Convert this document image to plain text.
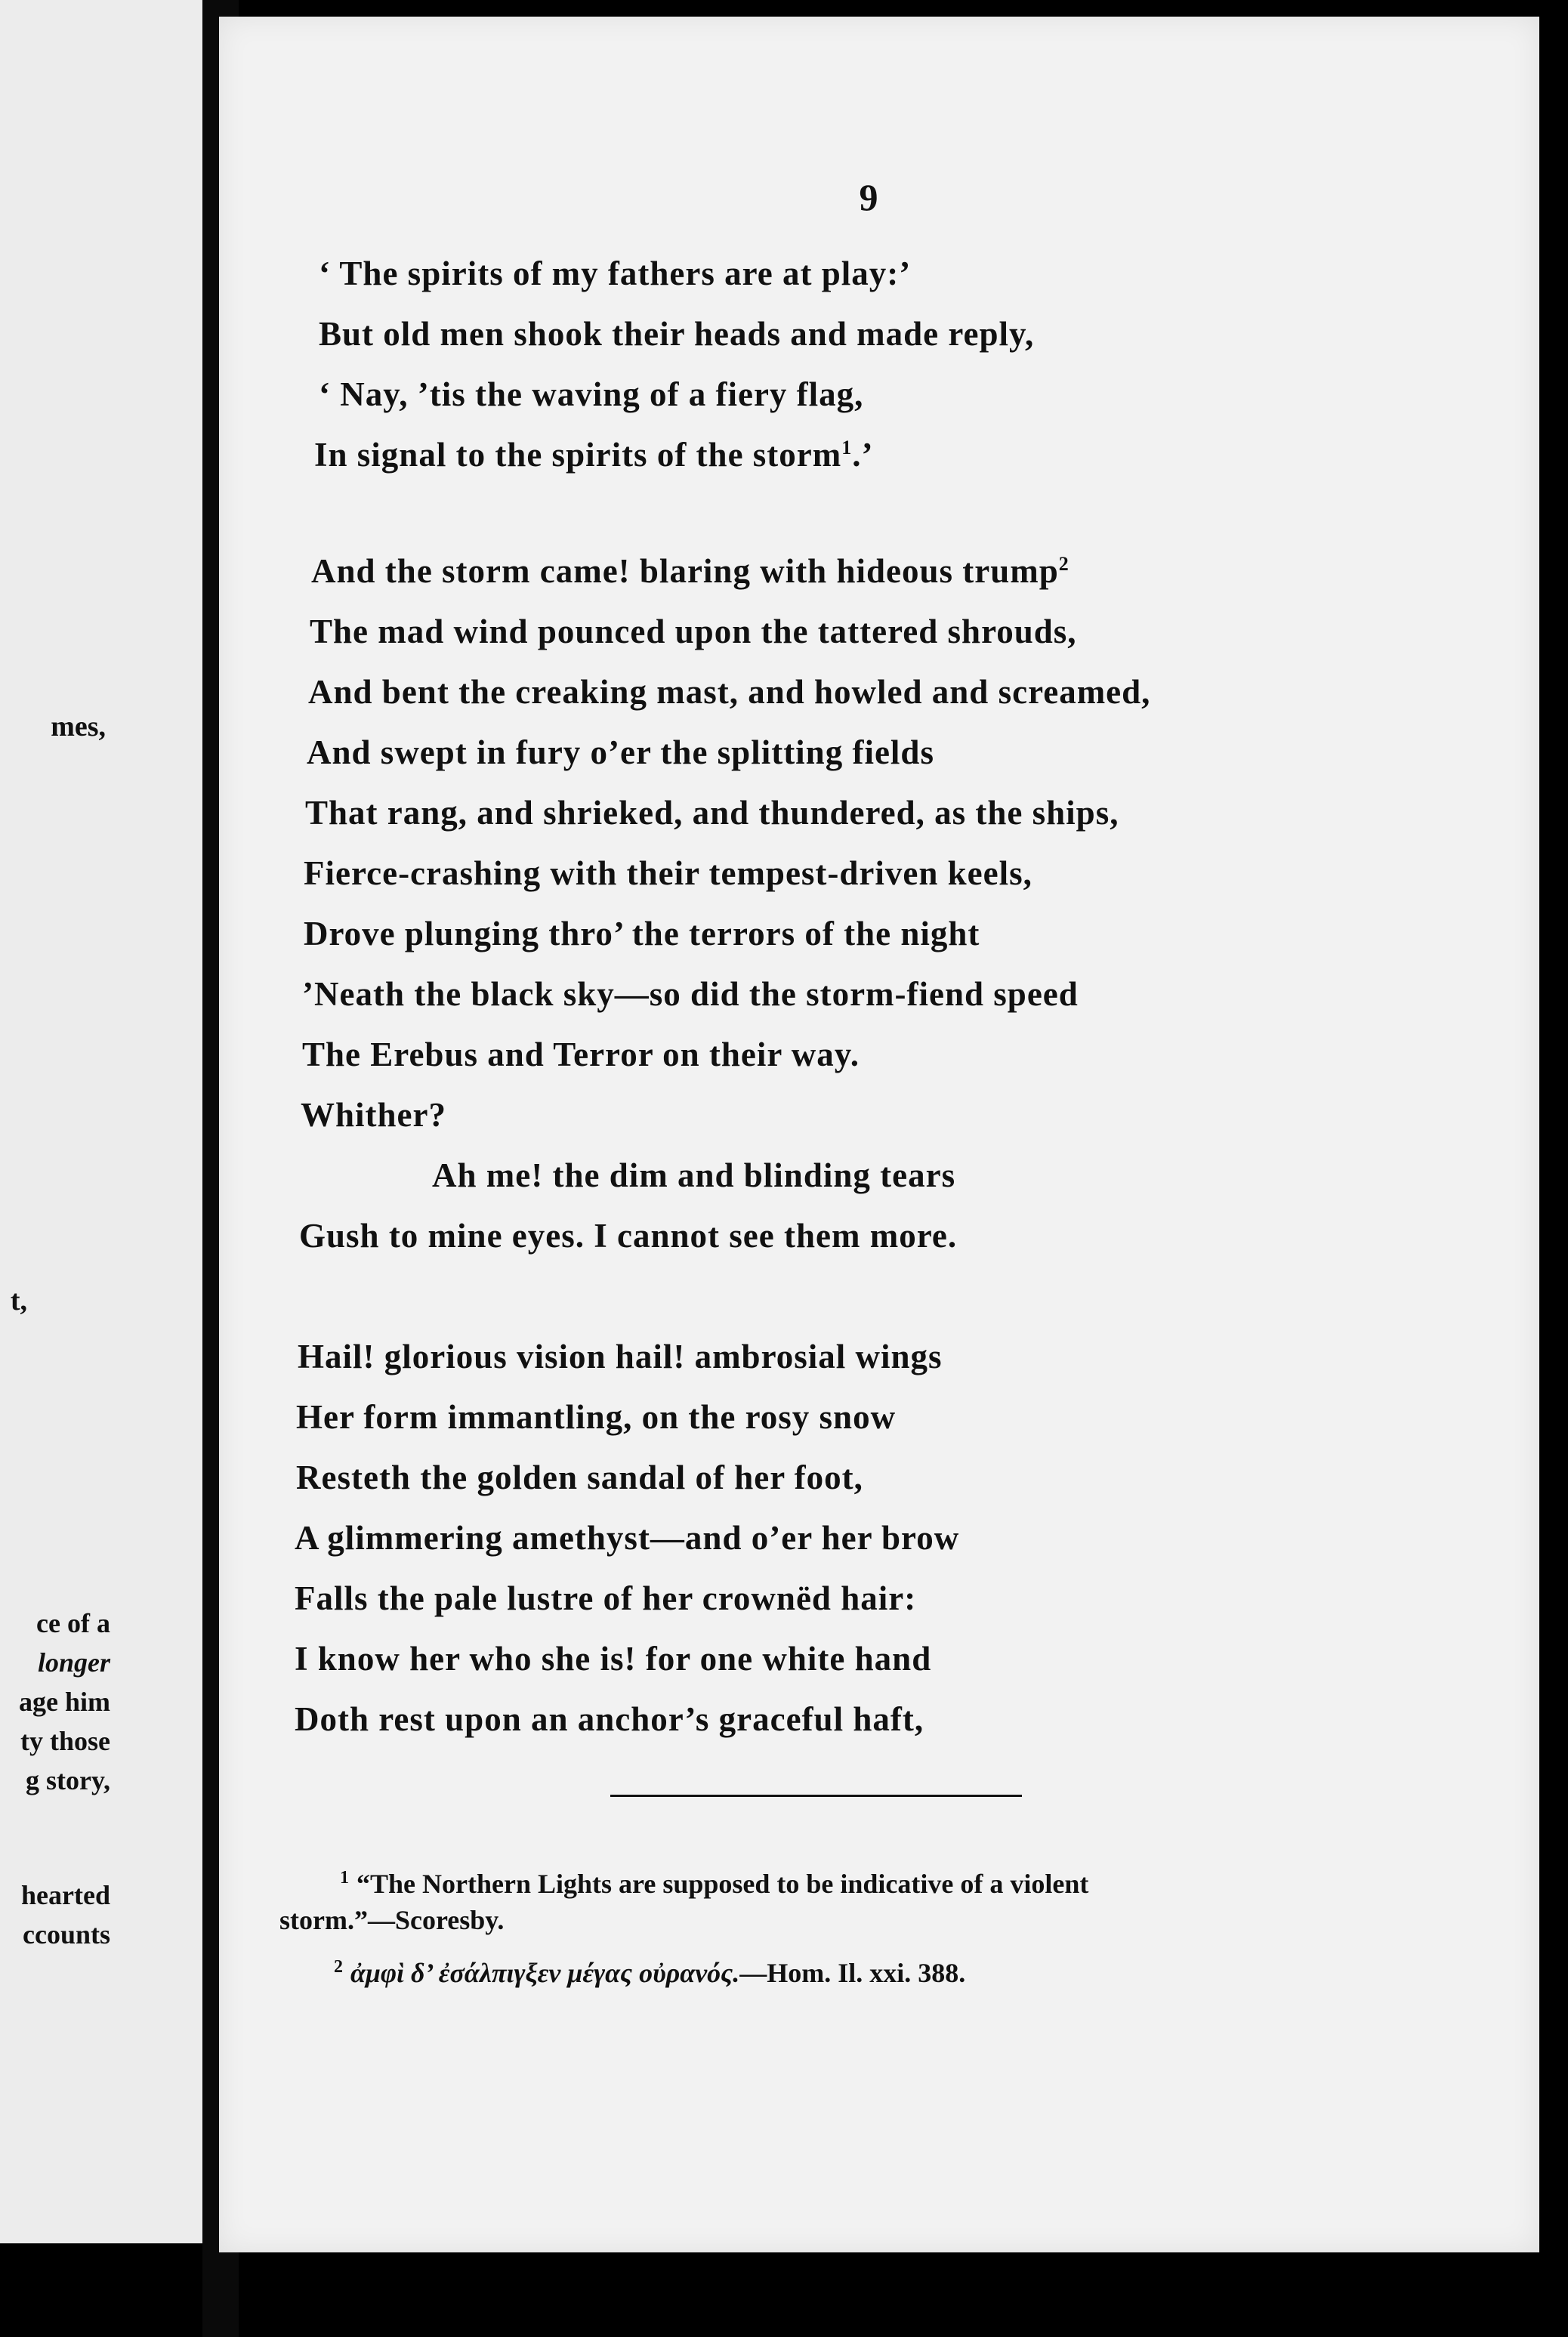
mes,
t,
ce of a
longer
age him
ty those
g story,
hearted
ccounts
9
‘ The spirits of my fathers are at play:’
But old men shook their heads and made reply,
‘ Nay, ’tis the waving of a fiery flag,
In signal to the spirits of the storm$^1$.’
And the storm came! blaring with hideous trump$^2$
The mad wind pounced upon the tattered shrouds,
And bent the creaking mast, and howled and screamed,
And swept in fury o’er the splitting fields
That rang, and shrieked, and thundered, as the ships,
Fierce-crashing with their tempest-driven keels,
Drove plunging thro’ the terrors of the night
’Neath the black sky—so did the storm-fiend speed
The Erebus and Terror on their way.
Whither?
Ah me! the dim and blinding tears
Gush to mine eyes. I cannot see them more.
Hail! glorious vision hail! ambrosial wings
Her form immantling, on the rosy snow
Resteth the golden sandal of her foot,
A glimmering amethyst—and o’er her brow
Falls the pale lustre of her crownëd hair:
I know her who she is! for one white hand
Doth rest upon an anchor’s graceful haft,
$^1$ “The Northern Lights are supposed to be indicative of a violent
storm.”—Scoresby.
$^2$ ἀμφὶ δ’ ἐσάλπιγξεν μέγας οὐρανός.—Hom. Il. xxi. 388.
